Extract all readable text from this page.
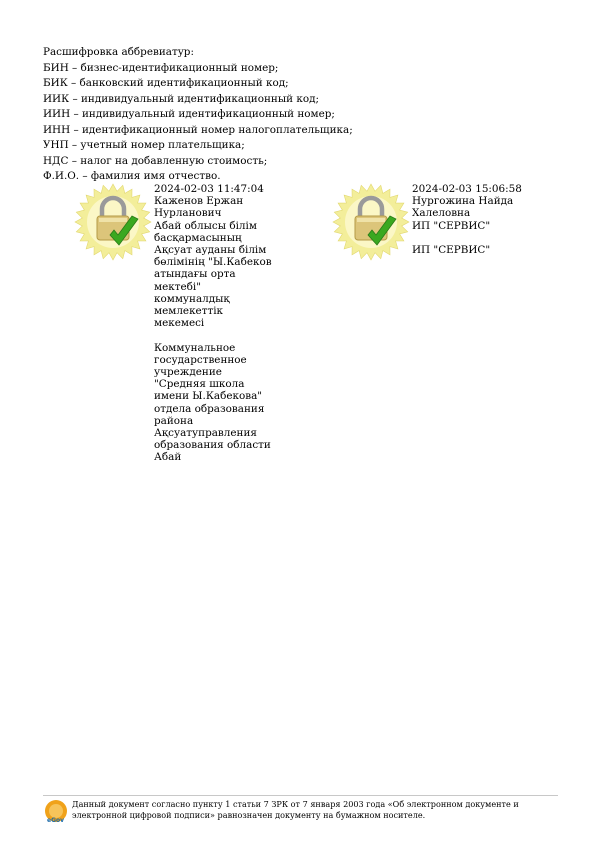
Расшифровка аббревиатур:
БИН – бизнес-идентификационный номер;
БИК – банковский идентификационный код;
ИИК – индивидуальный идентификационный код;
ИИН – индивидуальный идентификационный номер;
ИНН – идентификационный номер налогоплательщика;
УНП – учетный номер плательщика;
НДС – налог на добавленную стоимость;
Ф.И.О. – фамилия имя отчество.
2024-02-03 11:47:04
Каженов Ержан
Нурланович
Абай облысы білім
басқармасының
Ақсуат ауданы білім
бөлімінің "Ы.Кабеков
атындағы орта
мектебі"
коммуналдық
мемлекеттік
мекемесі

Коммунальное
государственное
учреждение
"Средняя школа
имени Ы.Кабекова"
отдела образования
района
Ақсуатуправления
образования области
Абай
2024-02-03 15:06:58
Нургожина Найда
Халеловна
ИП "СЕРВИС"

ИП "СЕРВИС"
eGov
Данный документ согласно пункту 1 статьи 7 ЗРК от 7 января 2003 года «Об электронном документе и электронной цифровой подписи» равнозначен документу на бумажном носителе.
